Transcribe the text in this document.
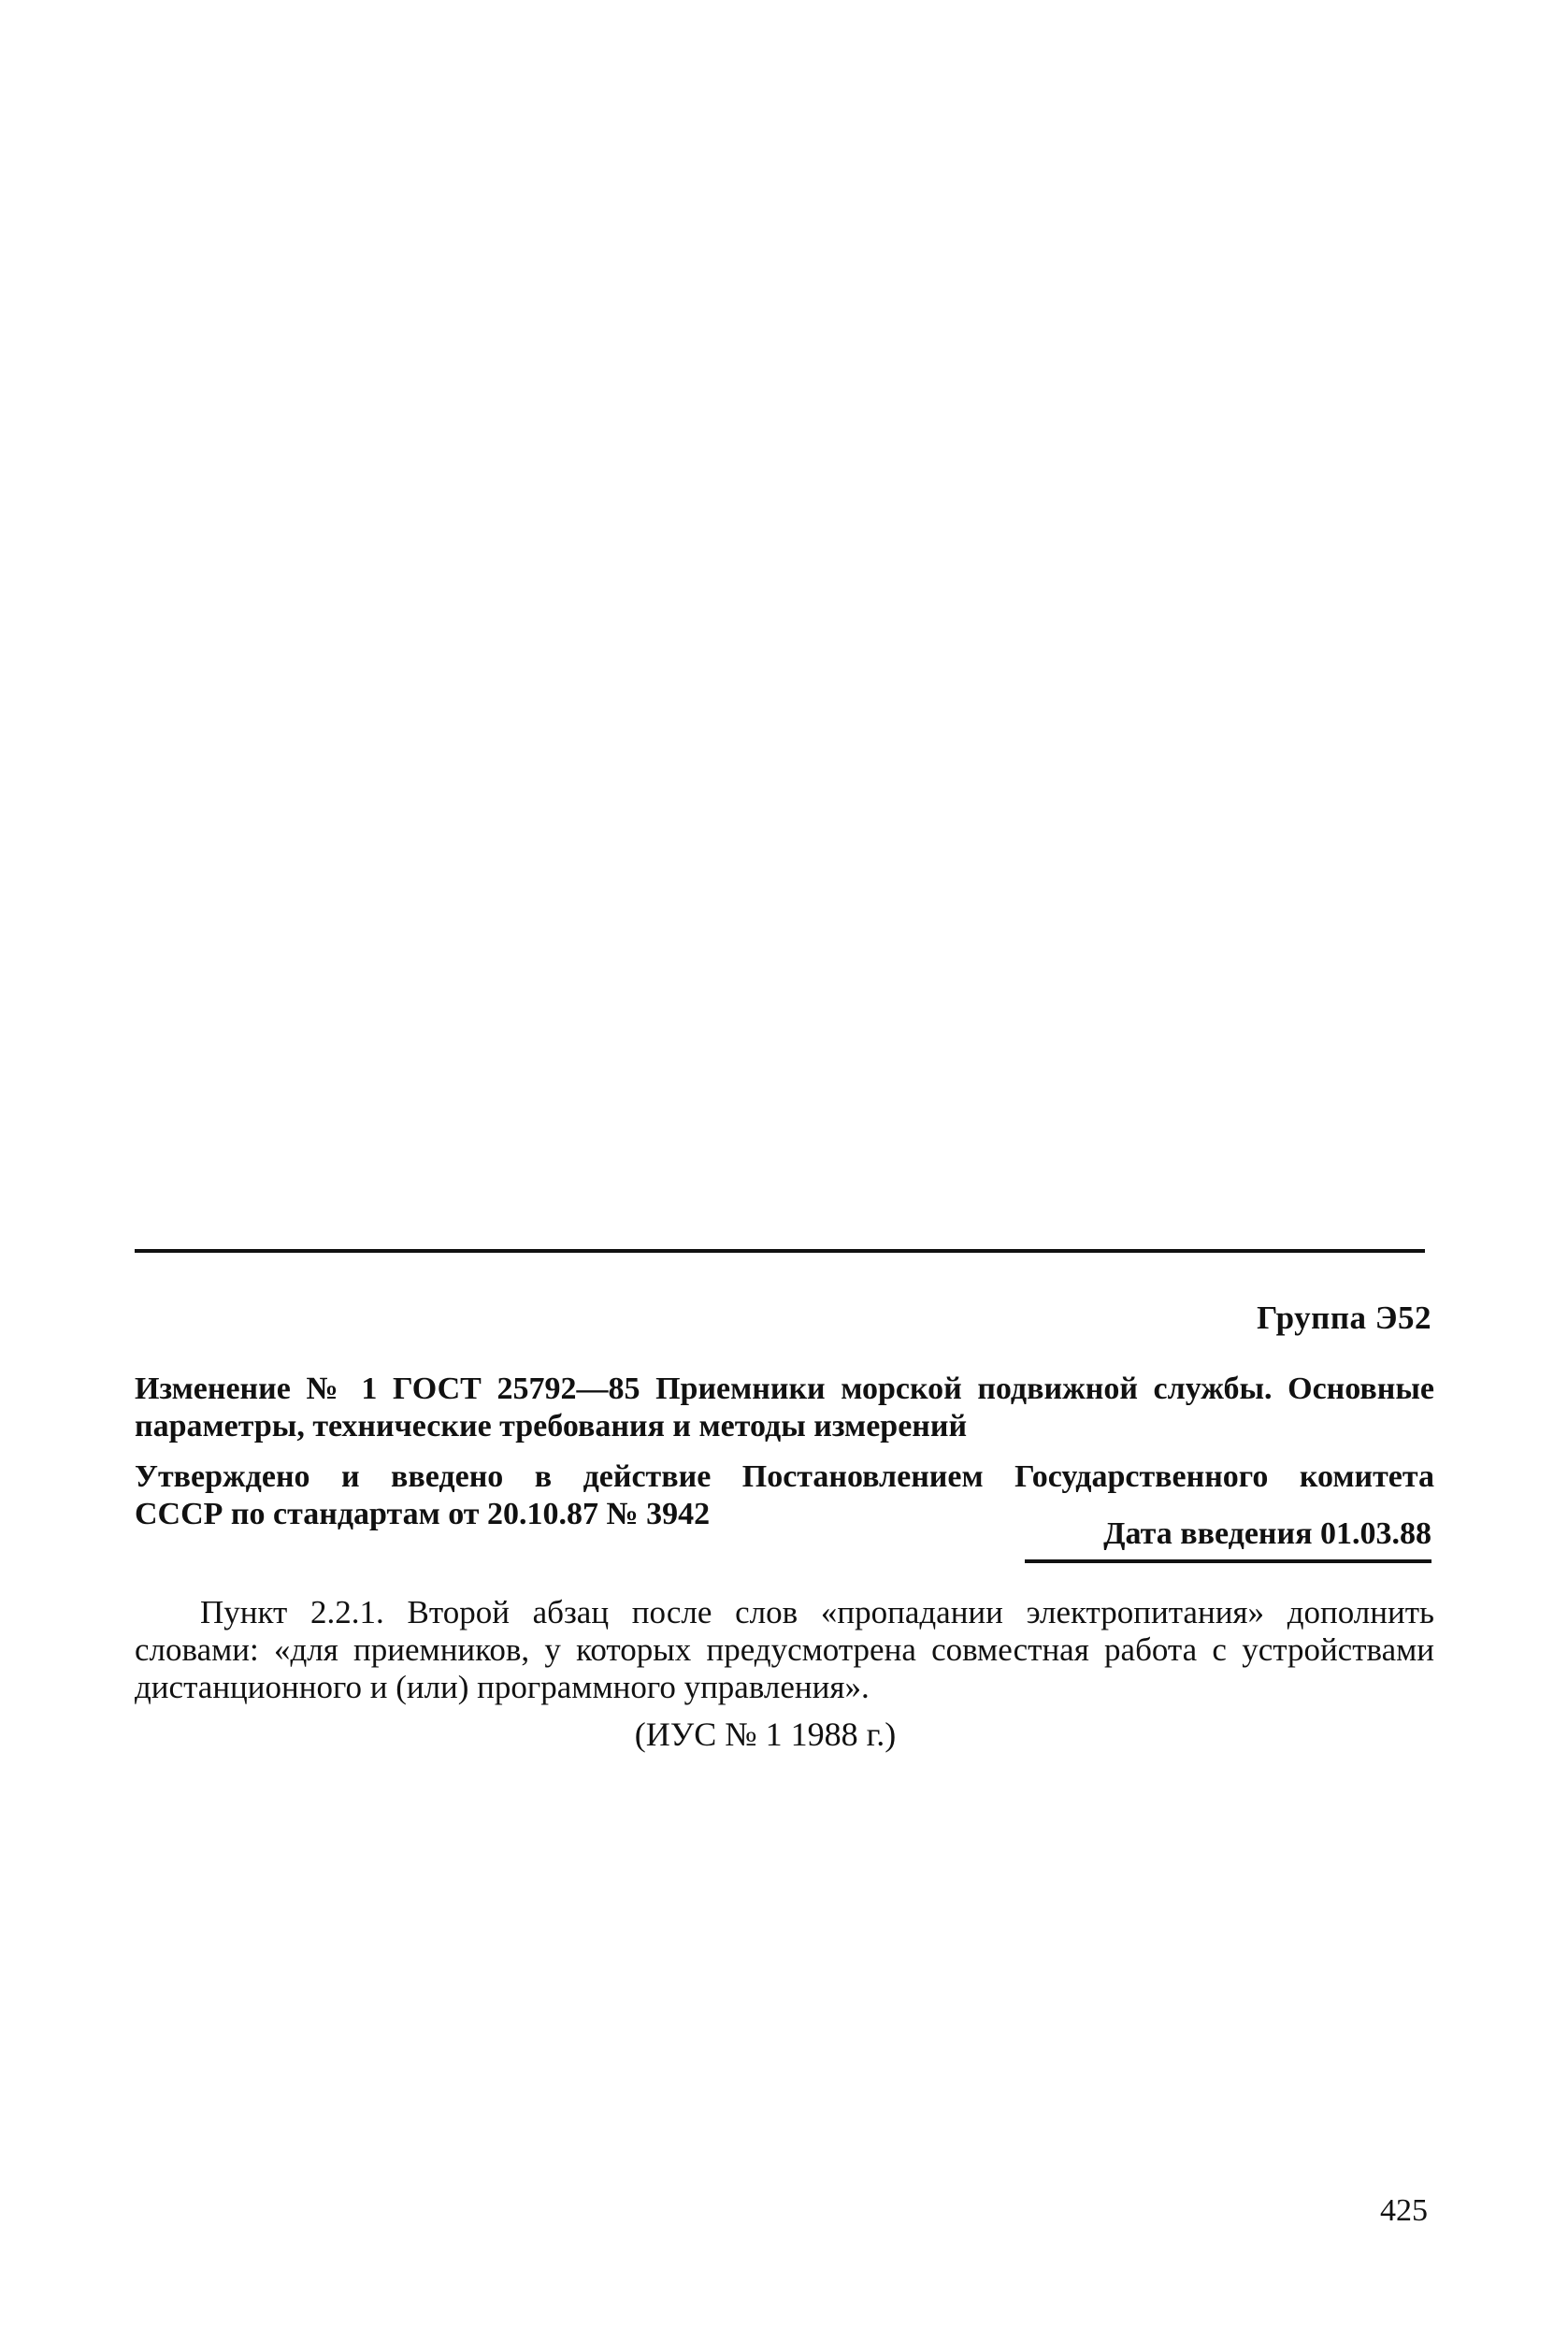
Группа Э52
Изменение № 1 ГОСТ 25792—85 Приемники морской подвижной службы. Основные параметры, технические требования и методы измерений
Утверждено и введено в действие Постановлением Государственного комитета
СССР по стандартам от 20.10.87 № 3942
Дата введения 01.03.88
Пункт 2.2.1. Второй абзац после слов «пропадании электропитания» дополнить словами: «для приемников, у которых предусмотрена совместная работа с устройствами дистанционного и (или) программного управления».
(ИУС № 1 1988 г.)
425
